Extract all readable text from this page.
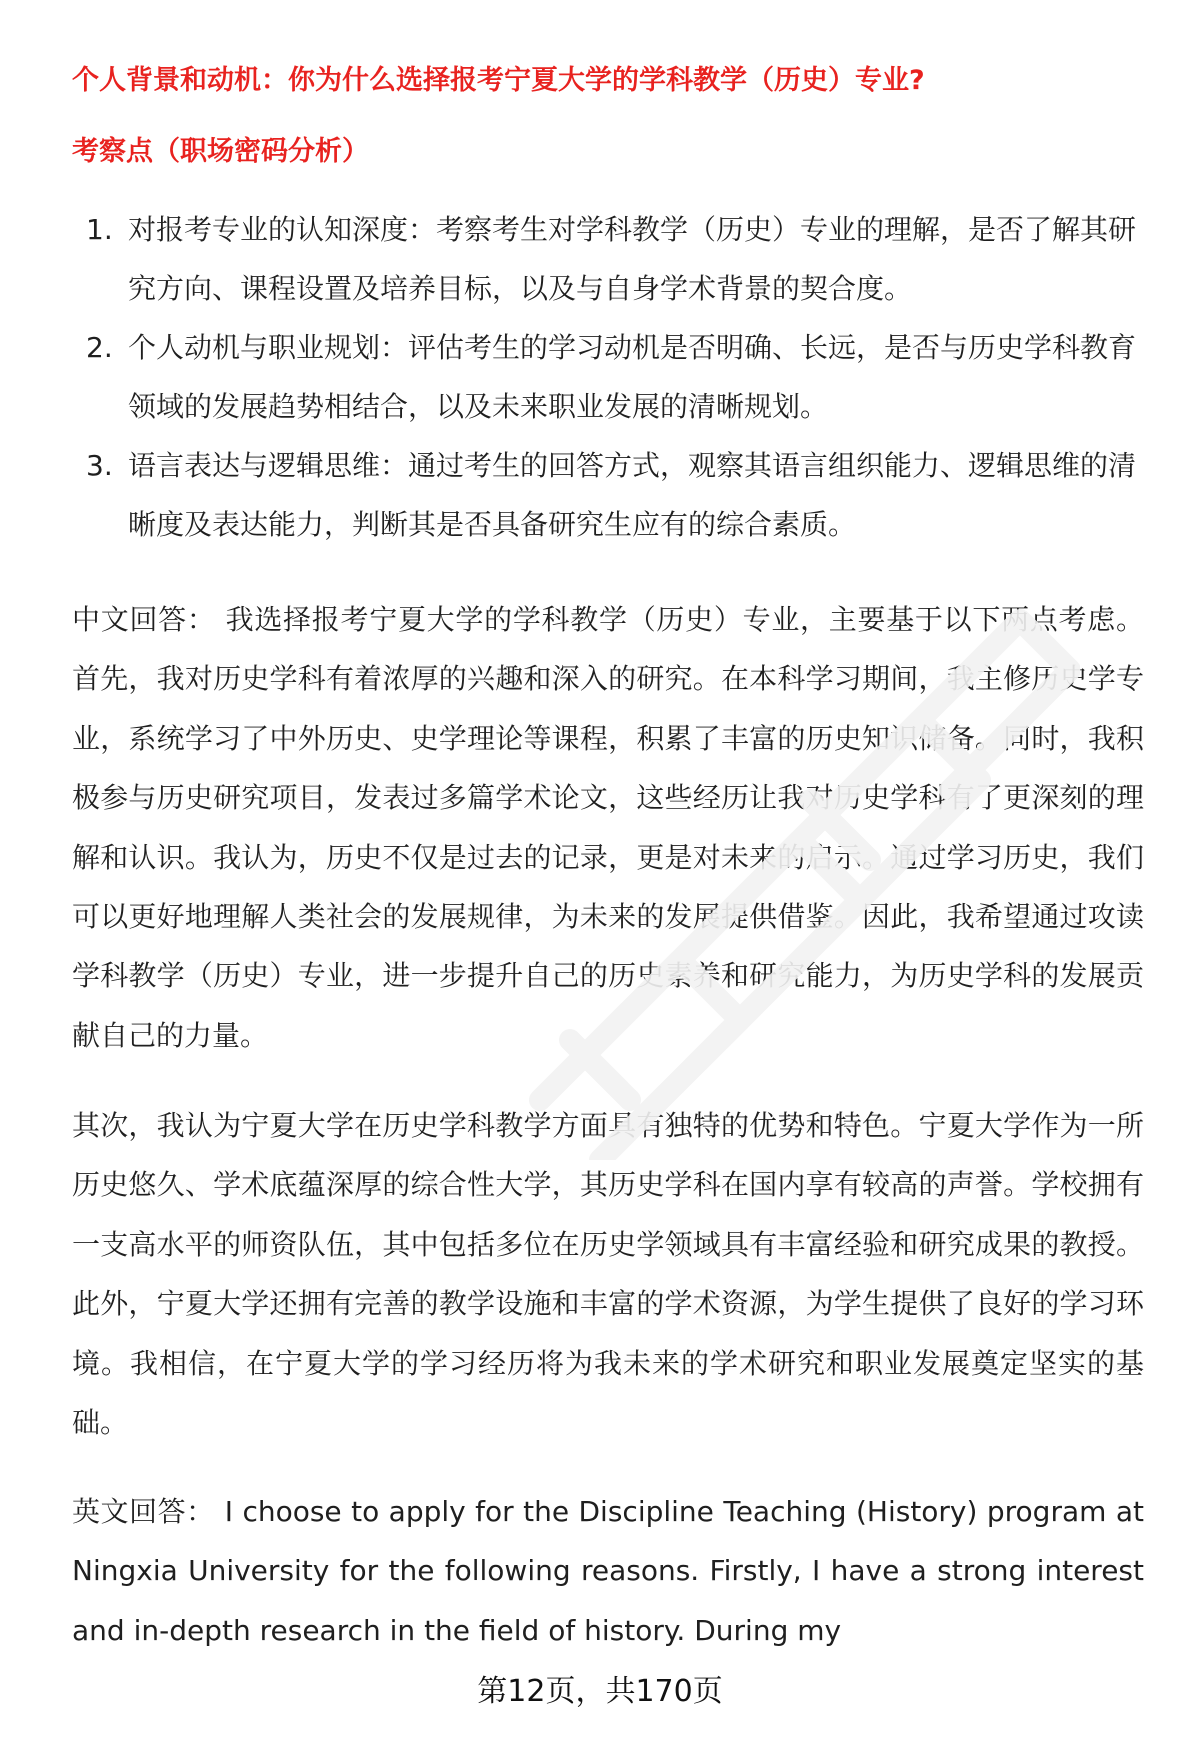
个人背景和动机：你为什么选择报考宁夏大学的学科教学（历史）专业?
考察点（职场密码分析）
1. 对报考专业的认知深度：考察考生对学科教学（历史）专业的理解，是否了解其研究方向、课程设置及培养目标，以及与自身学术背景的契合度。
2. 个人动机与职业规划：评估考生的学习动机是否明确、长远，是否与历史学科教育领域的发展趋势相结合，以及未来职业发展的清晰规划。
3. 语言表达与逻辑思维：通过考生的回答方式，观察其语言组织能力、逻辑思维的清晰度及表达能力，判断其是否具备研究生应有的综合素质。

中文回答： 我选择报考宁夏大学的学科教学（历史）专业，主要基于以下两点考虑。首先，我对历史学科有着浓厚的兴趣和深入的研究。在本科学习期间，我主修历史学专业，系统学习了中外历史、史学理论等课程，积累了丰富的历史知识储备。同时，我积极参与历史研究项目，发表过多篇学术论文，这些经历让我对历史学科有了更深刻的理解和认识。我认为，历史不仅是过去的记录，更是对未来的启示。通过学习历史，我们可以更好地理解人类社会的发展规律，为未来的发展提供借鉴。因此，我希望通过攻读学科教学（历史）专业，进一步提升自己的历史素养和研究能力，为历史学科的发展贡献自己的力量。

其次，我认为宁夏大学在历史学科教学方面具有独特的优势和特色。宁夏大学作为一所历史悠久、学术底蕴深厚的综合性大学，其历史学科在国内享有较高的声誉。学校拥有一支高水平的师资队伍，其中包括多位在历史学领域具有丰富经验和研究成果的教授。此外，宁夏大学还拥有完善的教学设施和丰富的学术资源，为学生提供了良好的学习环境。我相信，在宁夏大学的学习经历将为我未来的学术研究和职业发展奠定坚实的基础。

英文回答： I choose to apply for the Discipline Teaching (History) program at Ningxia University for the following reasons. Firstly, I have a strong interest and in-depth research in the field of history. During my

第12页，共170页
